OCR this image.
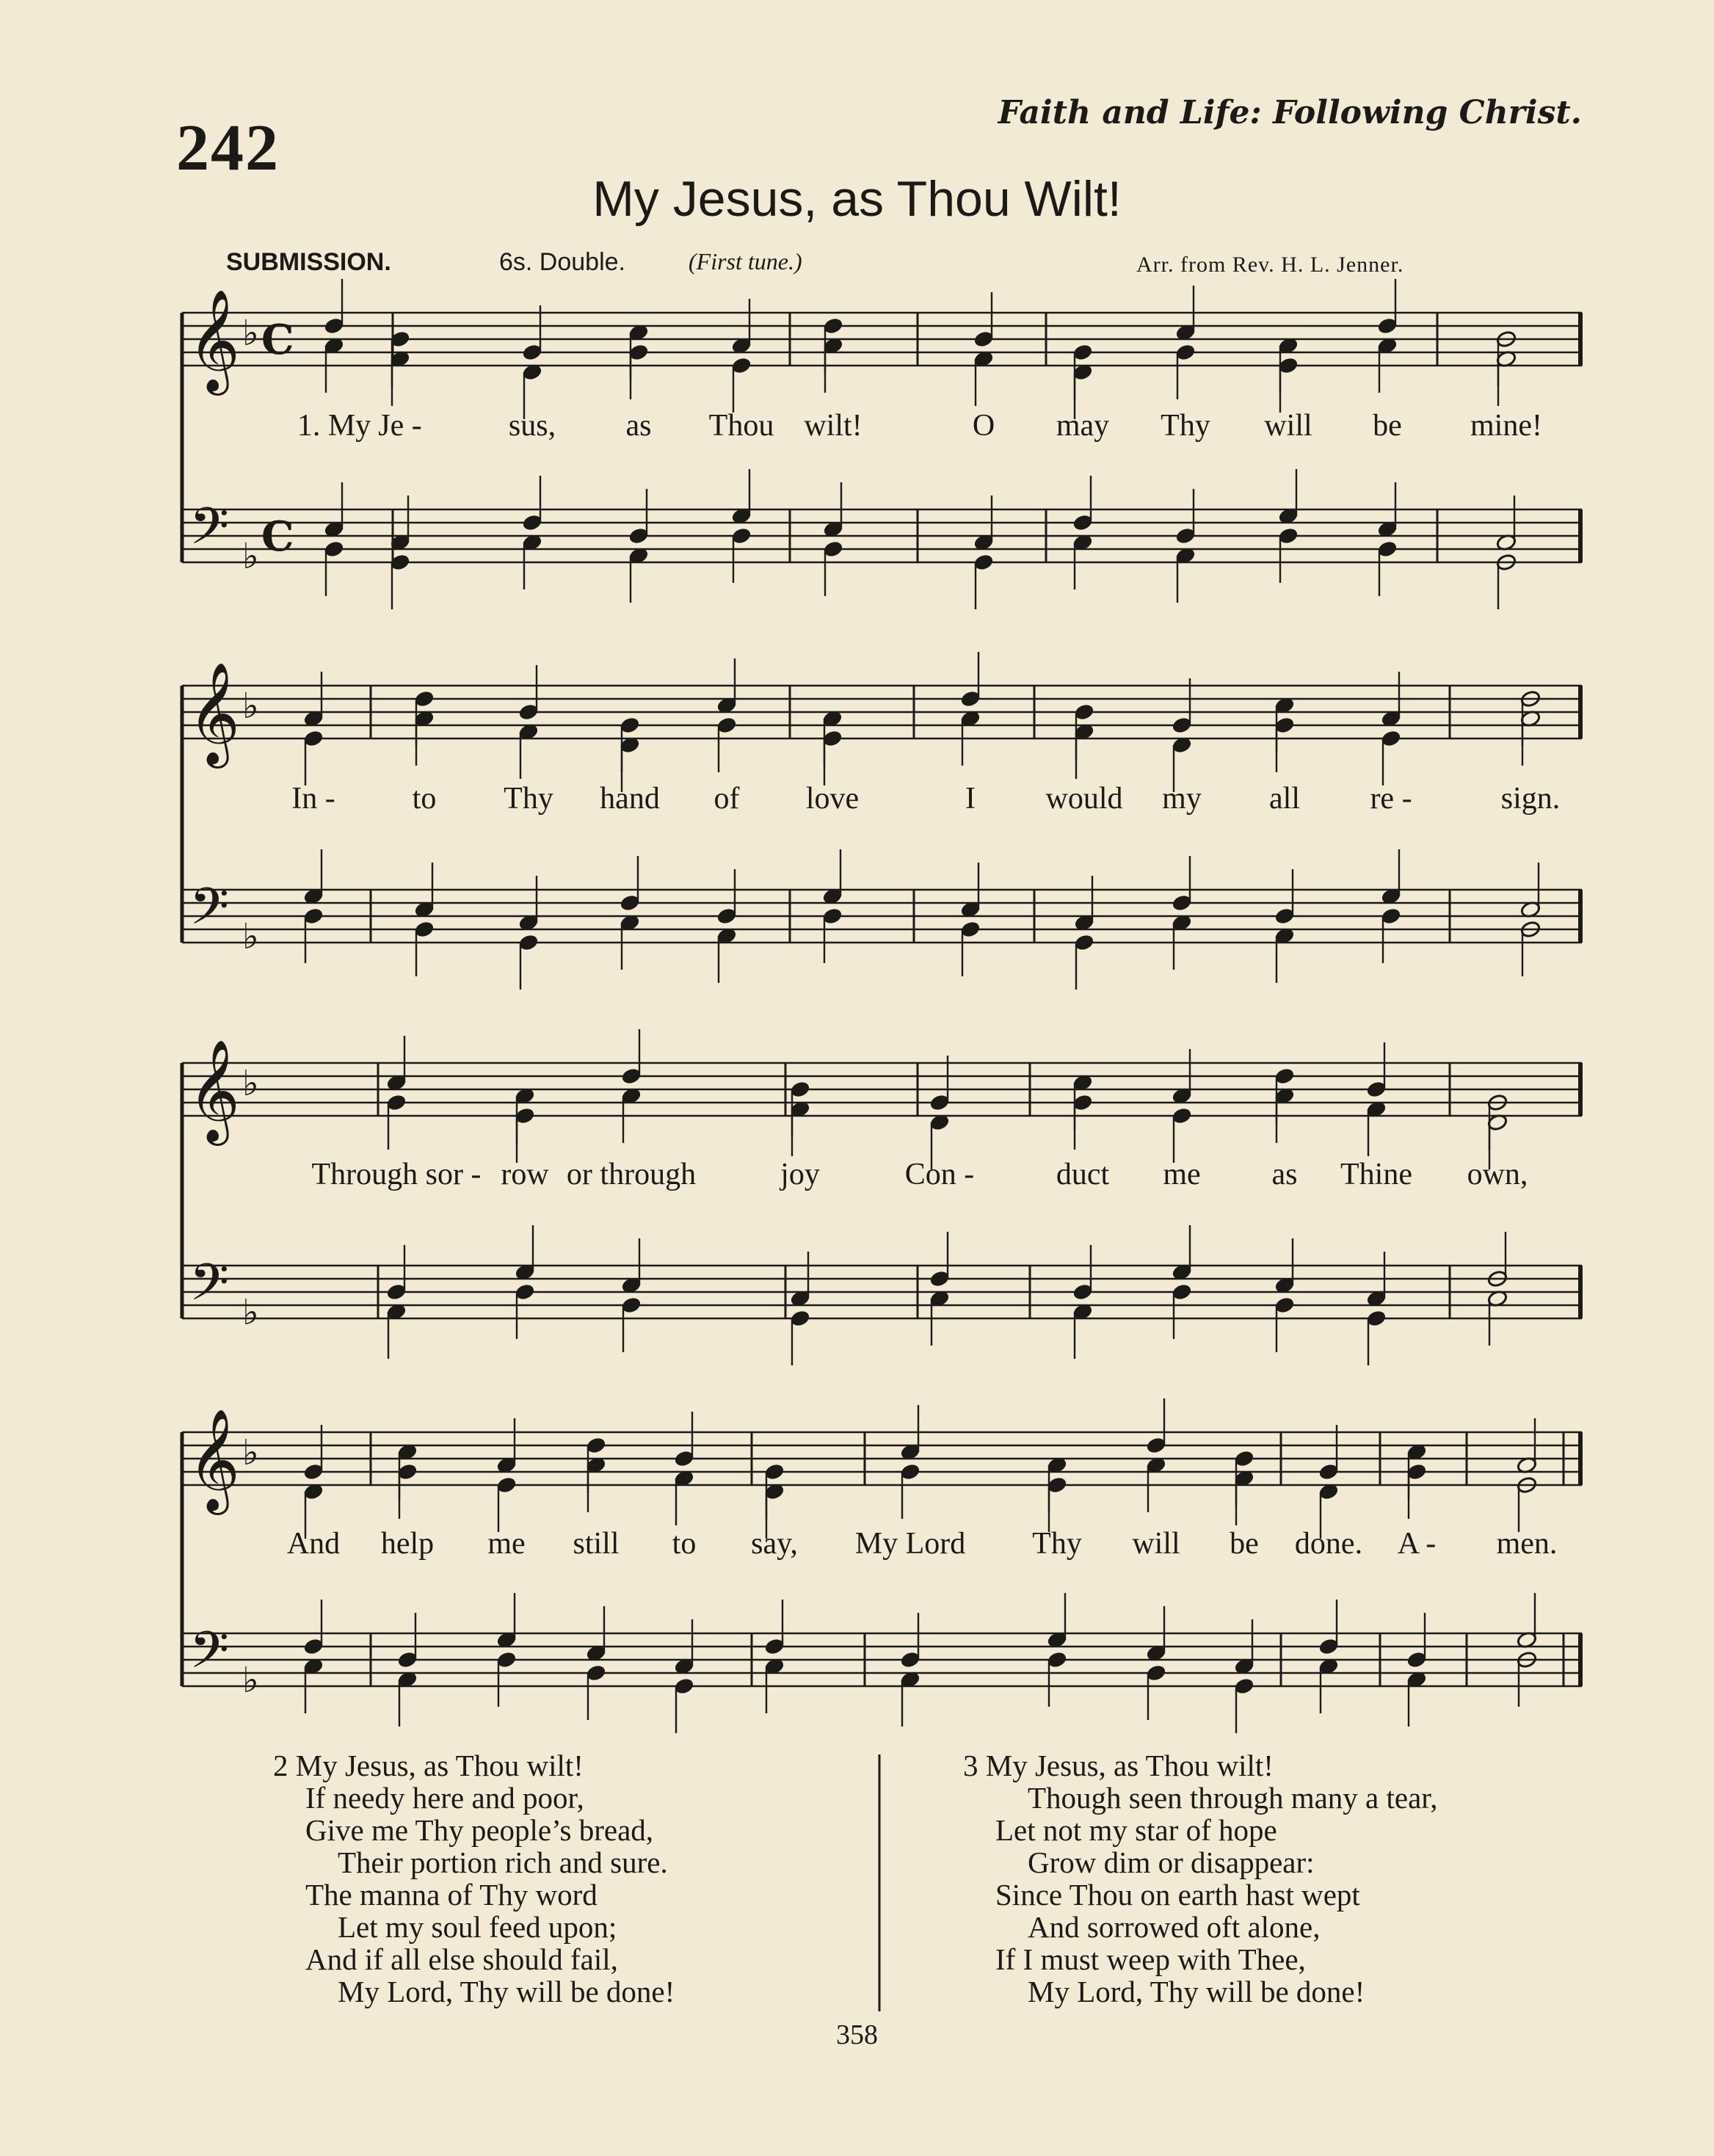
242	Faith and Life: Following Christ.
My Jesus, as Thou Wilt!
SUBMISSION.	6s. Double.	(First tune.)	Arr. from Rev. H. L. Jenner.
𝄞
𝄢
♭
♭
C
C
𝄞
𝄢
♭
♭
𝄞
𝄢
♭
♭
𝄞
𝄢
♭
♭
1. My Je -	sus, as Thou wilt!	O may Thy will be mine!
In - to Thy hand of love	I would my all re -	sign.
Through sor - row or through	joy	Con -	duct me as Thine own,
And help me still to say, My Lord Thy will be done. A - men.
2 My Jesus, as Thou wilt!
If needy here and poor,
Give me Thy people’s bread,
Their portion rich and sure.
The manna of Thy word
Let my soul feed upon;
And if all else should fail,
My Lord, Thy will be done!
3 My Jesus, as Thou wilt!
Though seen through many a tear,
Let not my star of hope
Grow dim or disappear:
Since Thou on earth hast wept
And sorrowed oft alone,
If I must weep with Thee,
My Lord, Thy will be done!
358
